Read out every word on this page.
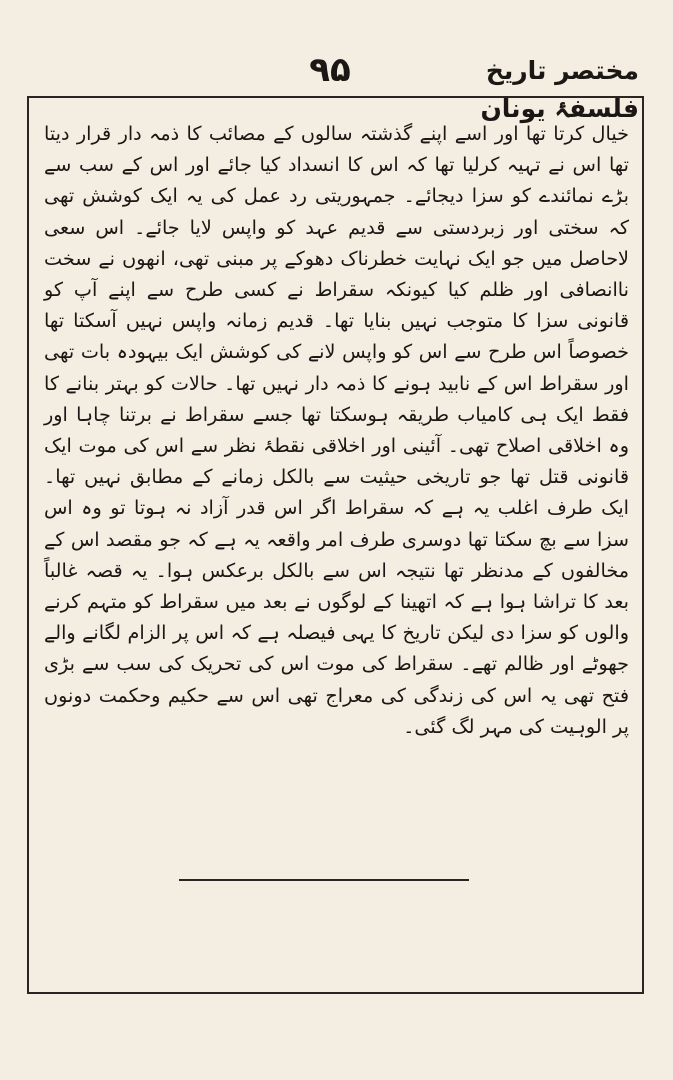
۹۵	مختصر تاریخ فلسفۂ یونان

خیال کرتا تھا اور اسے اپنے گذشتہ سالوں کے مصائب کا ذمہ دار قرار دیتا تھا اس نے تہیہ کرلیا تھا کہ اس کا انسداد کیا جائے اور اس کے سب سے بڑے نمائندے کو سزا دیجائے۔ جمہوریتی رد عمل کی یہ ایک کوشش تھی کہ سختی اور زبردستی سے قدیم عہد کو واپس لایا جائے۔ اس سعی لاحاصل میں جو ایک نہایت خطرناک دھوکے پر مبنی تھی، انھوں نے سخت ناانصافی اور ظلم کیا کیونکہ سقراط نے کسی طرح سے اپنے آپ کو قانونی سزا کا متوجب نہیں بنایا تھا۔ قدیم زمانہ واپس نہیں آسکتا تھا خصوصاً اس طرح سے اس کو واپس لانے کی کوشش ایک بیہودہ بات تھی اور سقراط اس کے نابید ہونے کا ذمہ دار نہیں تھا۔ حالات کو بہتر بنانے کا فقط ایک ہی کامیاب طریقہ ہوسکتا تھا جسے سقراط نے برتنا چاہا اور وہ اخلاقی اصلاح تھی۔ آئینی اور اخلاقی نقطۂ نظر سے اس کی موت ایک قانونی قتل تھا جو تاریخی حیثیت سے بالکل زمانے کے مطابق نہیں تھا۔ ایک طرف اغلب یہ ہے کہ سقراط اگر اس قدر آزاد نہ ہوتا تو وہ اس سزا سے بچ سکتا تھا دوسری طرف امر واقعہ یہ ہے کہ جو مقصد اس کے مخالفوں کے مدنظر تھا نتیجہ اس سے بالکل برعکس ہوا۔ یہ قصہ غالباً بعد کا تراشا ہوا ہے کہ اتھینا کے لوگوں نے بعد میں سقراط کو متہم کرنے والوں کو سزا دی لیکن تاریخ کا یہی فیصلہ ہے کہ اس پر الزام لگانے والے جھوٹے اور ظالم تھے۔ سقراط کی موت اس کی تحریک کی سب سے بڑی فتح تھی یہ اس کی زندگی کی معراج تھی اس سے حکیم وحکمت دونوں پر الوہیت کی مہر لگ گئی۔
